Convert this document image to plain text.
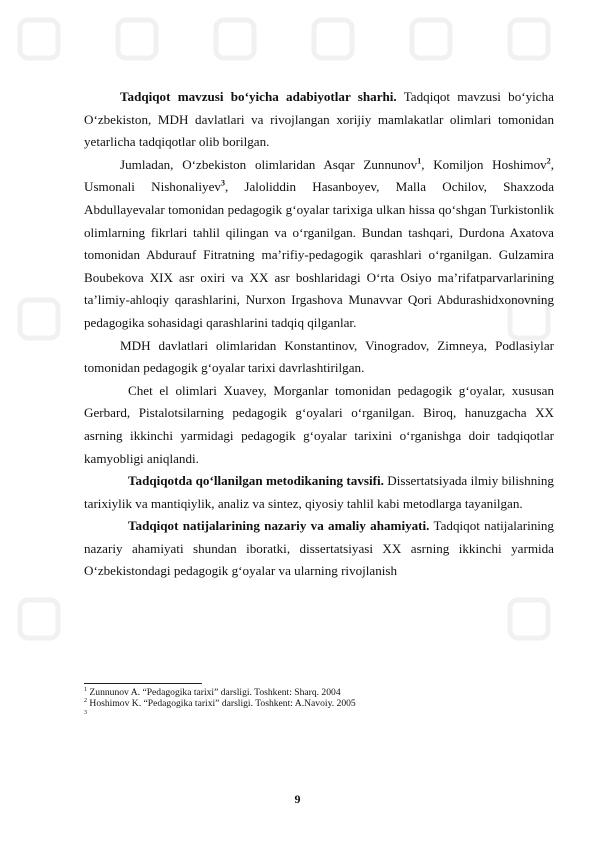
Tadqiqot mavzusi bo‘yicha adabiyotlar sharhi. Tadqiqot mavzusi bo‘yicha O‘zbekiston, MDH davlatlari va rivojlangan xorijiy mamlakatlar olimlari tomonidan yetarlicha tadqiqotlar olib borilgan.

Jumladan, O‘zbekiston olimlaridan Asqar Zunnunov$^1$, Komiljon Hoshimov$^2$, Usmonali Nishonaliyev$^3$, Jaloliddin Hasanboyev, Malla Ochilov, Shaxzoda Abdullayevalar tomonidan pedagogik g‘oyalar tarixiga ulkan hissa qo‘shgan Turkistonlik olimlarning fikrlari tahlil qilingan va o‘rganilgan. Bundan tashqari, Durdona Axatova tomonidan Abdurauf Fitratning ma’rifiy-pedagogik qarashlari o‘rganilgan. Gulzamira Boubekova XIX asr oxiri va XX asr boshlaridagi O‘rta Osiyo ma’rifatparvarlarining ta’limiy-ahloqiy qarashlarini, Nurxon Irgashova Munavvar Qori Abdurashidxonovning pedagogika sohasidagi qarashlarini tadqiq qilganlar.

MDH davlatlari olimlaridan Konstantinov, Vinogradov, Zimneya, Podlasiylar tomonidan pedagogik g‘oyalar tarixi davrlashtirilgan.

Chet el olimlari Xuavey, Morganlar tomonidan pedagogik g‘oyalar, xususan Gerbard, Pistalotsilarning pedagogik g‘oyalari o‘rganilgan. Biroq, hanuzgacha XX asrning ikkinchi yarmidagi pedagogik g‘oyalar tarixini o‘rganishga doir tadqiqotlar kamyobligi aniqlandi.

Tadqiqotda qo‘llanilgan metodikaning tavsifi. Dissertatsiyada ilmiy bilishning tarixiylik va mantiqiylik, analiz va sintez, qiyosiy tahlil kabi metodlarga tayanilgan.

Tadqiqot natijalarining nazariy va amaliy ahamiyati. Tadqiqot natijalarining nazariy ahamiyati shundan iboratki, dissertatsiyasi XX asrning ikkinchi yarmida O‘zbekistondagi pedagogik g‘oyalar va ularning rivojlanish

$^1$ Zunnunov A. “Pedagogika tarixi” darsligi. Toshkent: Sharq. 2004
$^2$ Hoshimov K. “Pedagogika tarixi” darsligi. Toshkent: A.Navoiy. 2005
$^3$
9
